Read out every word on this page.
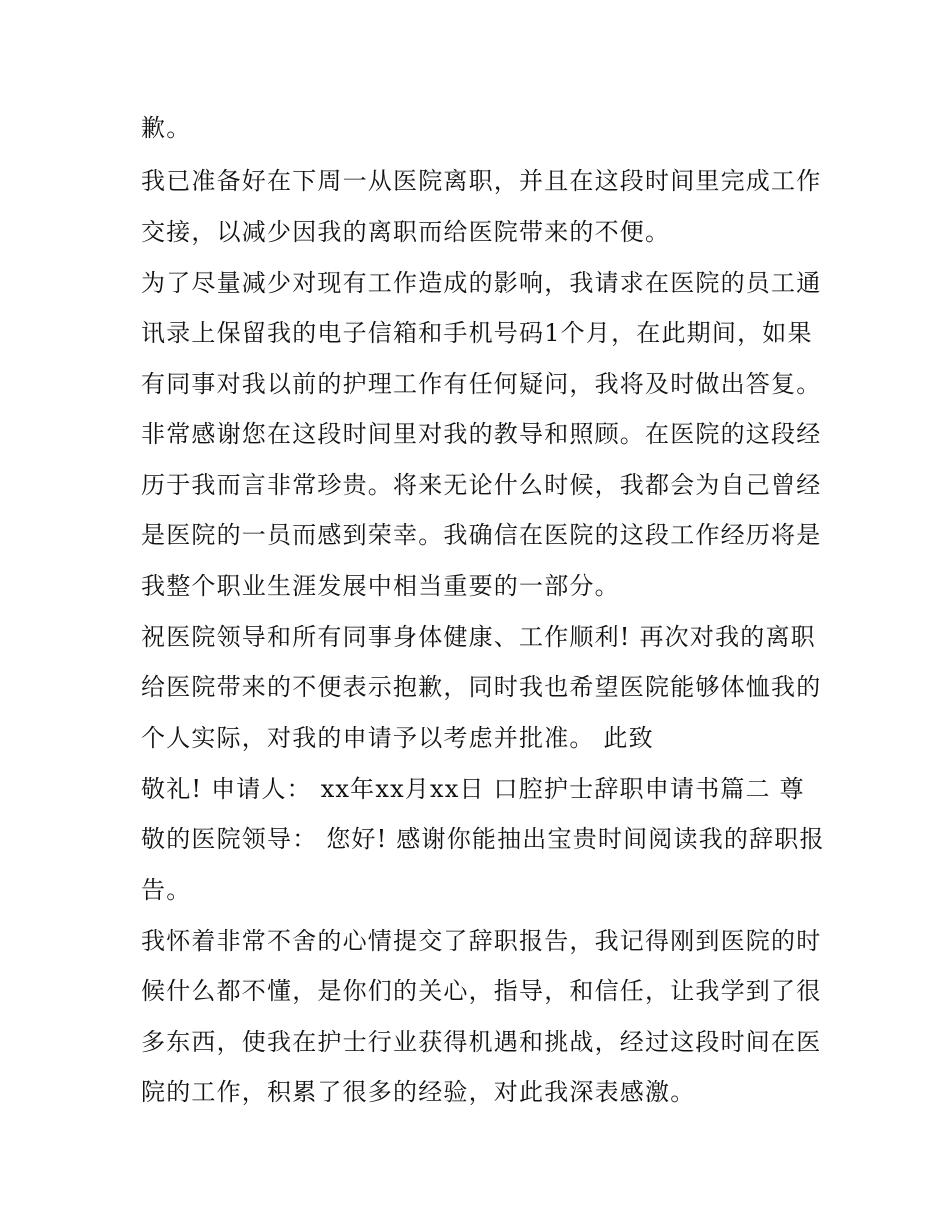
歉。
我已准备好在下周一从医院离职，并且在这段时间里完成工作
交接，以减少因我的离职而给医院带来的不便。
为了尽量减少对现有工作造成的影响，我请求在医院的员工通
讯录上保留我的电子信箱和手机号码1个月，在此期间，如果
有同事对我以前的护理工作有任何疑问，我将及时做出答复。
非常感谢您在这段时间里对我的教导和照顾。在医院的这段经
历于我而言非常珍贵。将来无论什么时候，我都会为自己曾经
是医院的一员而感到荣幸。我确信在医院的这段工作经历将是
我整个职业生涯发展中相当重要的一部分。
祝医院领导和所有同事身体健康、工作顺利! 再次对我的离职
给医院带来的不便表示抱歉，同时我也希望医院能够体恤我的
个人实际，对我的申请予以考虑并批准。 此致
敬礼! 申请人： xx年xx月xx日 口腔护士辞职申请书篇二 尊
敬的医院领导： 您好! 感谢你能抽出宝贵时间阅读我的辞职报
告。
我怀着非常不舍的心情提交了辞职报告，我记得刚到医院的时
候什么都不懂，是你们的关心，指导，和信任，让我学到了很
多东西，使我在护士行业获得机遇和挑战，经过这段时间在医
院的工作，积累了很多的经验，对此我深表感激。
